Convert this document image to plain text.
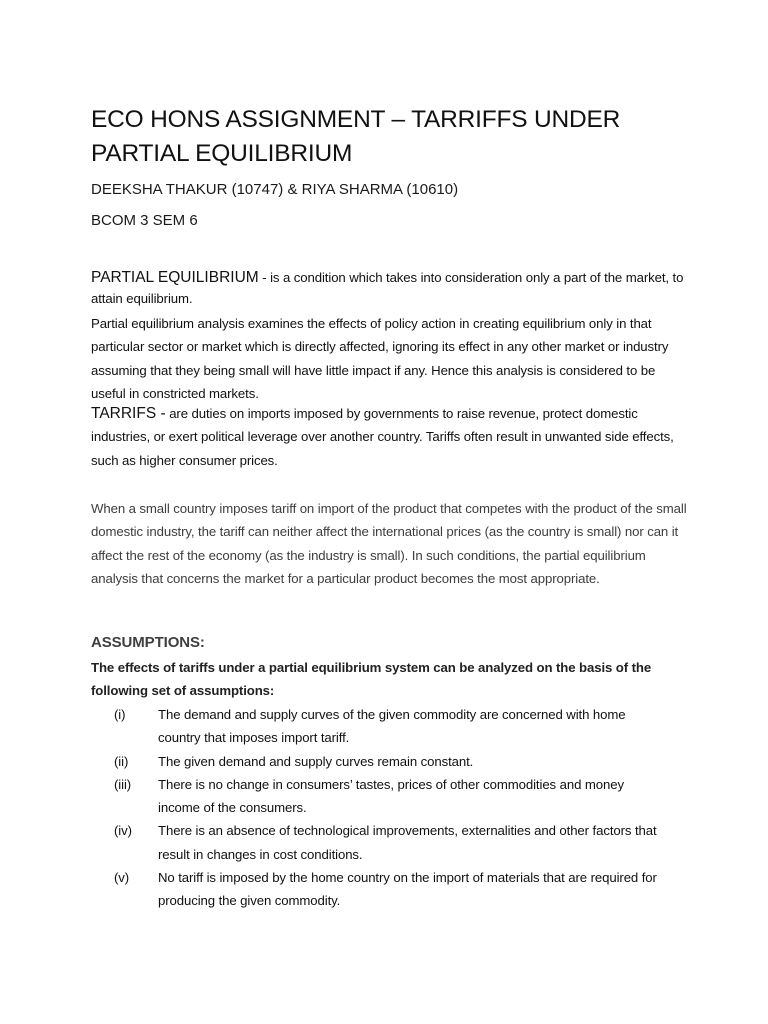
ECO HONS ASSIGNMENT – TARRIFFS UNDER PARTIAL EQUILIBRIUM

DEEKSHA THAKUR (10747) & RIYA SHARMA (10610)

BCOM 3 SEM 6

PARTIAL EQUILIBRIUM - is a condition which takes into consideration only a part of the market, to attain equilibrium.

Partial equilibrium analysis examines the effects of policy action in creating equilibrium only in that particular sector or market which is directly affected, ignoring its effect in any other market or industry assuming that they being small will have little impact if any. Hence this analysis is considered to be useful in constricted markets.

TARRIFS - are duties on imports imposed by governments to raise revenue, protect domestic industries, or exert political leverage over another country. Tariffs often result in unwanted side effects, such as higher consumer prices.

When a small country imposes tariff on import of the product that competes with the product of the small domestic industry, the tariff can neither affect the international prices (as the country is small) nor can it affect the rest of the economy (as the industry is small). In such conditions, the partial equilibrium analysis that concerns the market for a particular product becomes the most appropriate.

ASSUMPTIONS:

The effects of tariffs under a partial equilibrium system can be analyzed on the basis of the following set of assumptions:

(i)	The demand and supply curves of the given commodity are concerned with home country that imposes import tariff.
(ii)	The given demand and supply curves remain constant.
(iii)	There is no change in consumers’ tastes, prices of other commodities and money income of the consumers.
(iv)	There is an absence of technological improvements, externalities and other factors that result in changes in cost conditions.
(v)	No tariff is imposed by the home country on the import of materials that are required for producing the given commodity.
